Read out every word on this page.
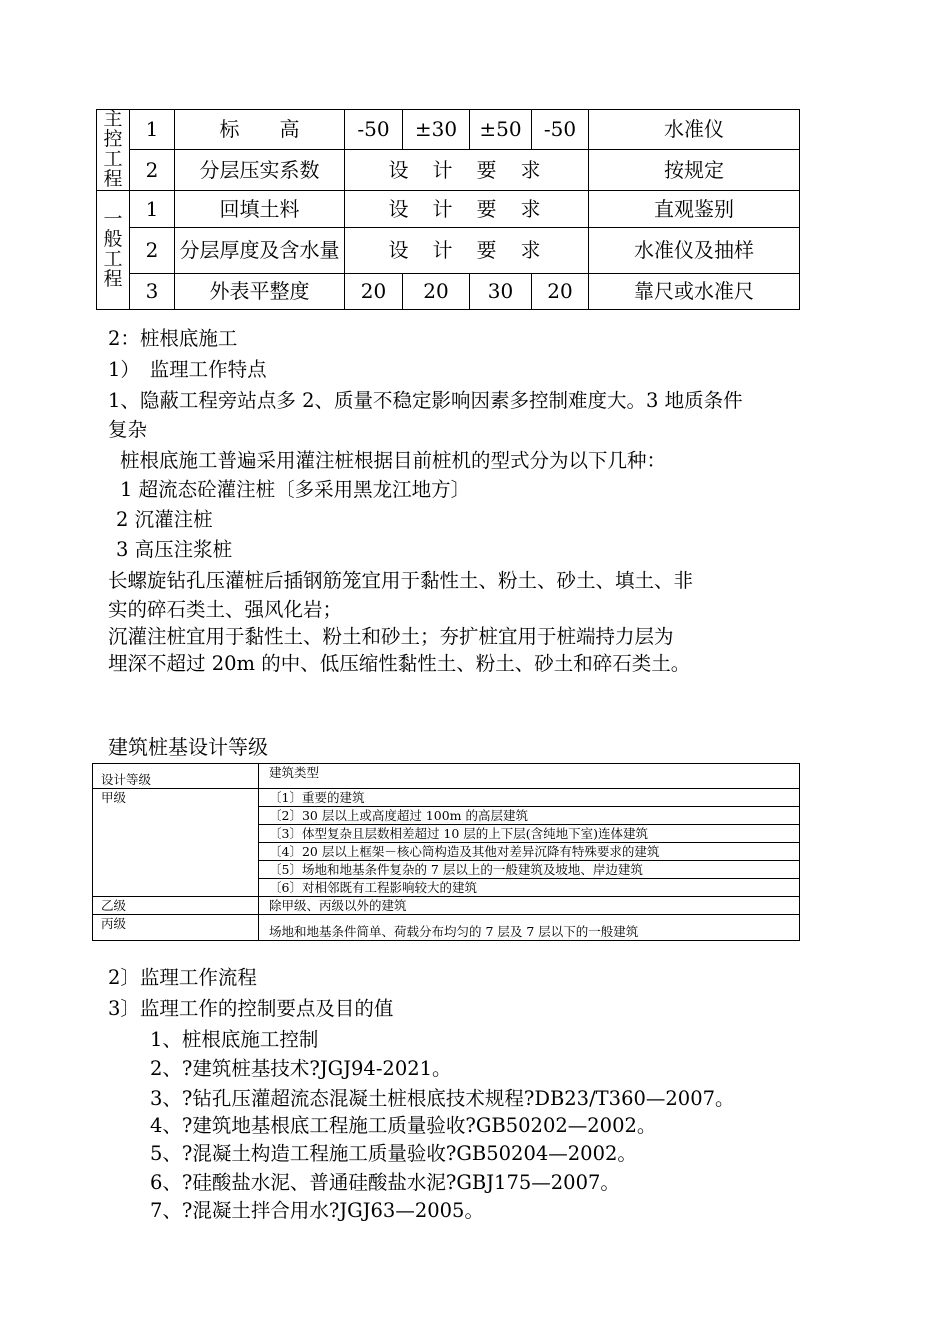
主控工程	1	标　　高	-50	±30	±50	-50	水准仪
	2	分层压实系数	设计要求				按规定
一般工程	1	回填土料	设计要求				直观鉴别
	2	分层厚度及含水量	设计要求				水准仪及抽样
	3	外表平整度	20	20	30	20	靠尺或水准尺
2：桩根底施工
1）　监理工作特点
1、隐蔽工程旁站点多 2、质量不稳定影响因素多控制难度大。3 地质条件
复杂
桩根底施工普遍采用灌注桩根据目前桩机的型式分为以下几种：
1 超流态砼灌注桩〔多采用黑龙江地方〕
2 沉灌注桩
3 高压注浆桩
长螺旋钻孔压灌桩后插钢筋笼宜用于黏性土、粉土、砂土、填土、非
实的碎石类土、强风化岩；
沉灌注桩宜用于黏性土、粉土和砂土；夯扩桩宜用于桩端持力层为
埋深不超过 20m 的中、低压缩性黏性土、粉土、砂土和碎石类土。
建筑桩基设计等级
设计等级	建筑类型
甲级	〔1〕重要的建筑
	〔2〕30 层以上或高度超过 100m 的高层建筑
	〔3〕体型复杂且层数相差超过 10 层的上下层(含纯地下室)连体建筑
	〔4〕20 层以上框架－核心筒构造及其他对差异沉降有特殊要求的建筑
	〔5〕场地和地基条件复杂的 7 层以上的一般建筑及坡地、岸边建筑
	〔6〕对相邻既有工程影响较大的建筑
乙级	除甲级、丙级以外的建筑
丙级	场地和地基条件简单、荷载分布均匀的 7 层及 7 层以下的一般建筑
2〕监理工作流程
3〕监理工作的控制要点及目的值
1、桩根底施工控制
2、?建筑桩基技术?JGJ94-2021。
3、?钻孔压灌超流态混凝土桩根底技术规程?DB23/T360—2007。
4、?建筑地基根底工程施工质量验收?GB50202—2002。
5、?混凝土构造工程施工质量验收?GB50204—2002。
6、?硅酸盐水泥、普通硅酸盐水泥?GBJ175—2007。
7、?混凝土拌合用水?JGJ63—2005。
